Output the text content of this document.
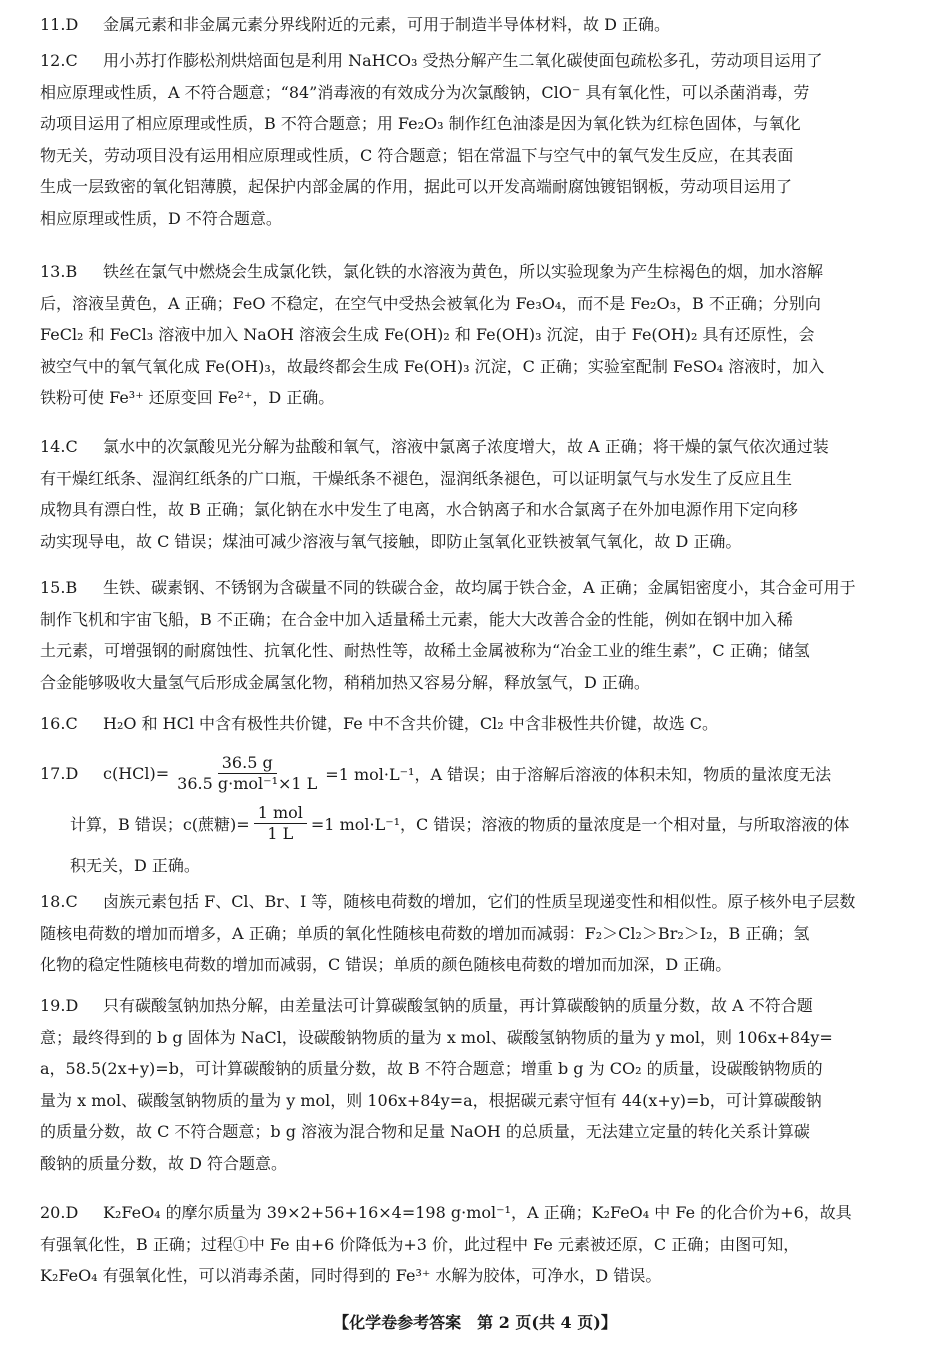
11.D 金属元素和非金属元素分界线附近的元素，可用于制造半导体材料，故 D 正确。
12.C 用小苏打作膨松剂烘焙面包是利用 NaHCO₃ 受热分解产生二氧化碳使面包疏松多孔，劳动项目运用了
相应原理或性质，A 不符合题意；“84”消毒液的有效成分为次氯酸钠，ClO⁻ 具有氧化性，可以杀菌消毒，劳
动项目运用了相应原理或性质，B 不符合题意；用 Fe₂O₃ 制作红色油漆是因为氧化铁为红棕色固体，与氧化
物无关，劳动项目没有运用相应原理或性质，C 符合题意；铝在常温下与空气中的氧气发生反应，在其表面
生成一层致密的氧化铝薄膜，起保护内部金属的作用，据此可以开发高端耐腐蚀镀铝钢板，劳动项目运用了
相应原理或性质，D 不符合题意。
13.B 铁丝在氯气中燃烧会生成氯化铁，氯化铁的水溶液为黄色，所以实验现象为产生棕褐色的烟，加水溶解
后，溶液呈黄色，A 正确；FeO 不稳定，在空气中受热会被氧化为 Fe₃O₄，而不是 Fe₂O₃，B 不正确；分别向
FeCl₂ 和 FeCl₃ 溶液中加入 NaOH 溶液会生成 Fe(OH)₂ 和 Fe(OH)₃ 沉淀，由于 Fe(OH)₂ 具有还原性，会
被空气中的氧气氧化成 Fe(OH)₃，故最终都会生成 Fe(OH)₃ 沉淀，C 正确；实验室配制 FeSO₄ 溶液时，加入
铁粉可使 Fe³⁺ 还原变回 Fe²⁺，D 正确。
14.C 氯水中的次氯酸见光分解为盐酸和氧气，溶液中氯离子浓度增大，故 A 正确；将干燥的氯气依次通过装
有干燥红纸条、湿润红纸条的广口瓶，干燥纸条不褪色，湿润纸条褪色，可以证明氯气与水发生了反应且生
成物具有漂白性，故 B 正确；氯化钠在水中发生了电离，水合钠离子和水合氯离子在外加电源作用下定向移
动实现导电，故 C 错误；煤油可减少溶液与氧气接触，即防止氢氧化亚铁被氧气氧化，故 D 正确。
15.B 生铁、碳素钢、不锈钢为含碳量不同的铁碳合金，故均属于铁合金，A 正确；金属铝密度小，其合金可用于
制作飞机和宇宙飞船，B 不正确；在合金中加入适量稀土元素，能大大改善合金的性能，例如在钢中加入稀
土元素，可增强钢的耐腐蚀性、抗氧化性、耐热性等，故稀土金属被称为“冶金工业的维生素”，C 正确；储氢
合金能够吸收大量氢气后形成金属氢化物，稍稍加热又容易分解，释放氢气，D 正确。
16.C H₂O 和 HCl 中含有极性共价键，Fe 中不含共价键，Cl₂ 中含非极性共价键，故选 C。
17.D $c(HCl)= \frac{36.5 g}{\text{36.5 g·mol⁻¹×1 L}} =1$ mol·L⁻¹，A 错误；由于溶解后溶液的体积未知，物质的量浓度无法
计算，B 错误；c(蔗糖)= $\frac{\text{1 mol}}{1 L} =1$ mol·L⁻¹，C 错误；溶液的物质的量浓度是一个相对量，与所取溶液的体
积无关，D 正确。
18.C 卤族元素包括 F、Cl、Br、I 等，随核电荷数的增加，它们的性质呈现递变性和相似性。原子核外电子层数
随核电荷数的增加而增多，A 正确；单质的氧化性随核电荷数的增加而减弱：F₂＞Cl₂＞Br₂＞I₂，B 正确；氢
化物的稳定性随核电荷数的增加而减弱，C 错误；单质的颜色随核电荷数的增加而加深，D 正确。
19.D 只有碳酸氢钠加热分解，由差量法可计算碳酸氢钠的质量，再计算碳酸钠的质量分数，故 A 不符合题
意；最终得到的 b g 固体为 NaCl，设碳酸钠物质的量为 x mol、碳酸氢钠物质的量为 y mol，则 106x+84y=
a，58.5(2x+y)=b，可计算碳酸钠的质量分数，故 B 不符合题意；增重 b g 为 CO₂ 的质量，设碳酸钠物质的
量为 x mol、碳酸氢钠物质的量为 y mol，则 106x+84y=a，根据碳元素守恒有 44(x+y)=b，可计算碳酸钠
的质量分数，故 C 不符合题意；b g 溶液为混合物和足量 NaOH 的总质量，无法建立定量的转化关系计算碳
酸钠的质量分数，故 D 符合题意。
20.D K₂FeO₄ 的摩尔质量为 39×2+56+16×4=198 g·mol⁻¹，A 正确；K₂FeO₄ 中 Fe 的化合价为+6，故具
有强氧化性，B 正确；过程①中 Fe 由+6 价降低为+3 价，此过程中 Fe 元素被还原，C 正确；由图可知，
K₂FeO₄ 有强氧化性，可以消毒杀菌，同时得到的 Fe³⁺ 水解为胶体，可净水，D 错误。
【化学卷参考答案　第 2 页(共 4 页)】
